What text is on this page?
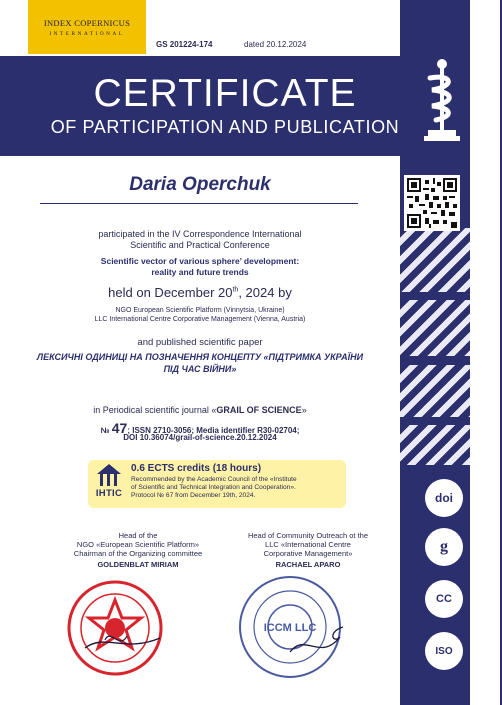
INDEX COPERNICUS
INTERNATIONAL
GS 201224-174	dated 20.12.2024
CERTIFICATE
OF PARTICIPATION AND PUBLICATION
Daria Operchuk
participated in the IV Correspondence International
Scientific and Practical Conference
Scientific vector of various sphere’ development:
reality and future trends
held on December 20th, 2024 by
NGO European Scientific Platform (Vinnytsia, Ukraine)
LLC International Centre Corporative Management (Vienna, Austria)
and published scientific paper
ЛЕКСИЧНІ ОДИНИЦІ НА ПОЗНАЧЕННЯ КОНЦЕПТУ «ПІДТРИМКА УКРАЇНИ
ПІД ЧАС ВІЙНИ»
in Periodical scientific journal «GRAIL OF SCIENCE»
№ 47; ISSN 2710-3056; Media identifier R30-02704;
DOI 10.36074/grail-of-science.20.12.2024
IHTIC
0.6 ECTS credits (18 hours)
Recommended by the Academic Council of the «Institute
of Scientific and Technical Integration and Cooperation».
Protocol № 67 from December 19th, 2024.
Head of the
NGO «European Scientific Platform»
Chairman of the Organizing committee
GOLDENBLAT MIRIAM
Head of Community Outreach ot the
LLC «International Centre
Corporative Management»
RACHAEL APARO
ICCM LLC
doi
g
CC
ISO
